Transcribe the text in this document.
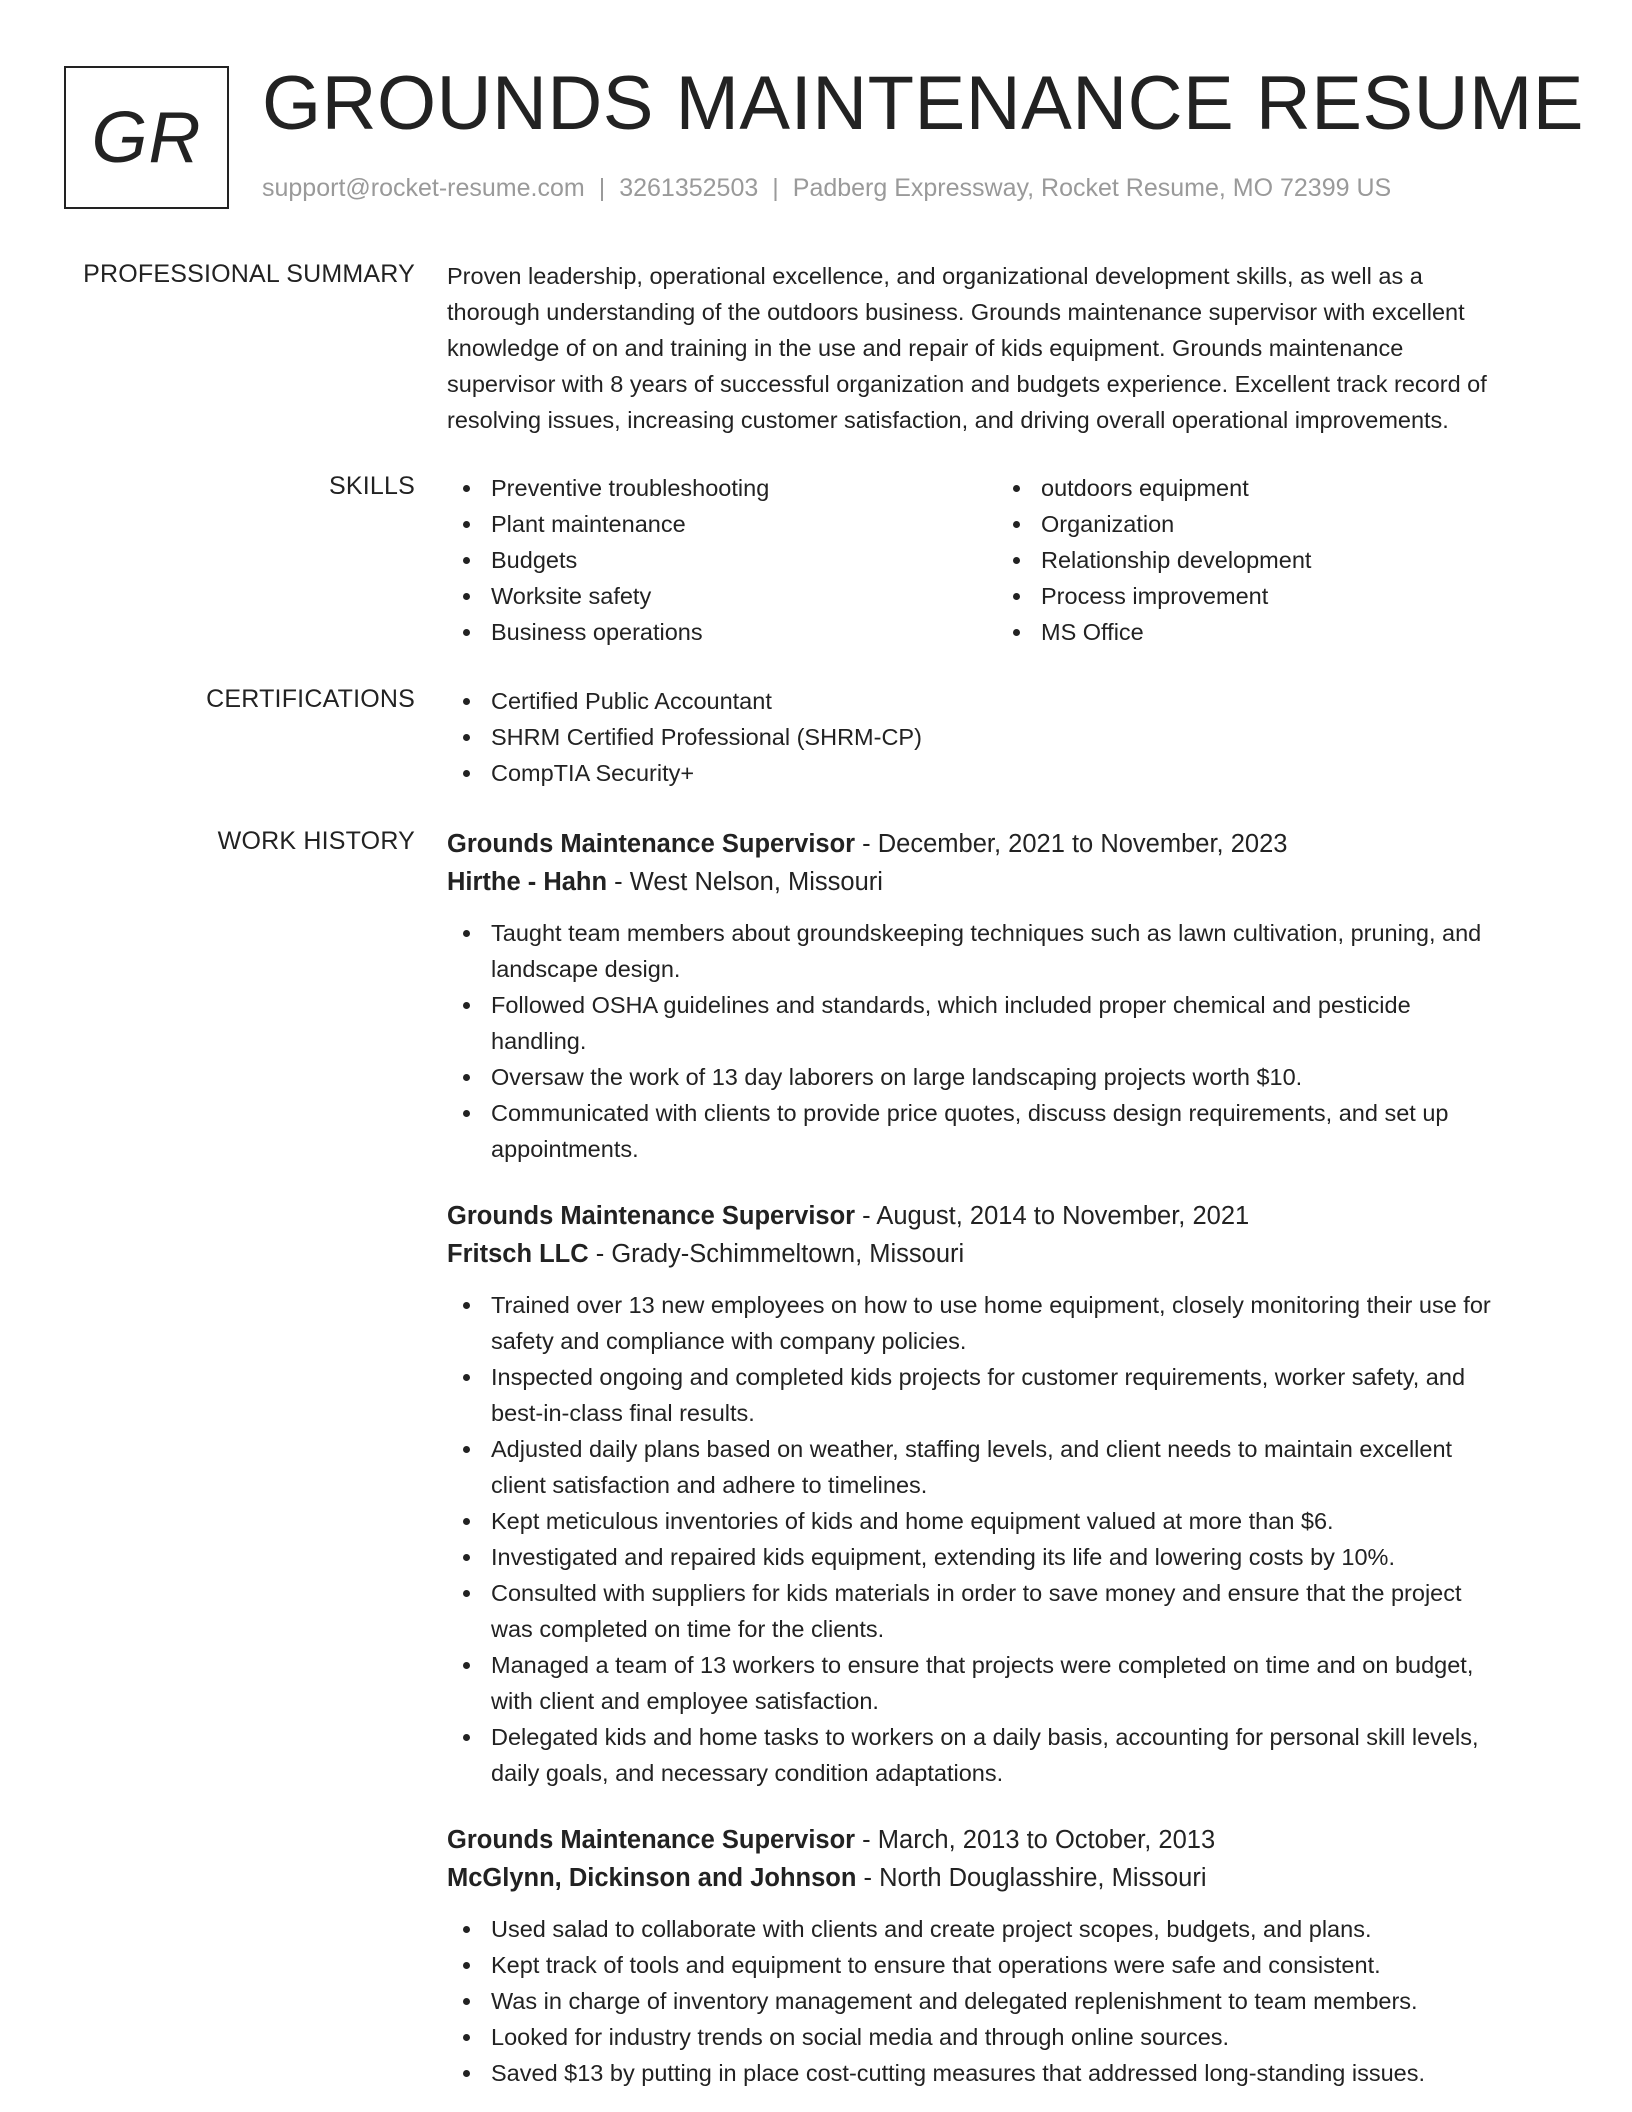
GR GROUNDS MAINTENANCE RESUME
support@rocket-resume.com | 3261352503 | Padberg Expressway, Rocket Resume, MO 72399 US
PROFESSIONAL SUMMARY Proven leadership, operational excellence, and organizational development skills, as well as a
thorough understanding of the outdoors business. Grounds maintenance supervisor with excellent
knowledge of on and training in the use and repair of kids equipment. Grounds maintenance
supervisor with 8 years of successful organization and budgets experience. Excellent track record of
resolving issues, increasing customer satisfaction, and driving overall operational improvements.
SKILLS	Preventive troubleshooting
Plant maintenance
Budgets
Worksite safety
Business operations
outdoors equipment
Organization
Relationship development
Process improvement
MS Office
CERTIFICATIONS	Certified Public Accountant
SHRM Certified Professional (SHRM-CP)
CompTIA Security+
WORK HISTORY Grounds Maintenance Supervisor - December, 2021 to November, 2023
Hirthe - Hahn - West Nelson, Missouri
Taught team members about groundskeeping techniques such as lawn cultivation, pruning, and
landscape design.
Followed OSHA guidelines and standards, which included proper chemical and pesticide
handling.
Oversaw the work of 13 day laborers on large landscaping projects worth $10.
Communicated with clients to provide price quotes, discuss design requirements, and set up
appointments.
Grounds Maintenance Supervisor - August, 2014 to November, 2021
Fritsch LLC - Grady-Schimmeltown, Missouri
Trained over 13 new employees on how to use home equipment, closely monitoring their use for
safety and compliance with company policies.
Inspected ongoing and completed kids projects for customer requirements, worker safety, and
best-in-class final results.
Adjusted daily plans based on weather, staffing levels, and client needs to maintain excellent
client satisfaction and adhere to timelines.
Kept meticulous inventories of kids and home equipment valued at more than $6.
Investigated and repaired kids equipment, extending its life and lowering costs by 10%.
Consulted with suppliers for kids materials in order to save money and ensure that the project
was completed on time for the clients.
Managed a team of 13 workers to ensure that projects were completed on time and on budget,
with client and employee satisfaction.
Delegated kids and home tasks to workers on a daily basis, accounting for personal skill levels,
daily goals, and necessary condition adaptations.
Grounds Maintenance Supervisor - March, 2013 to October, 2013
McGlynn, Dickinson and Johnson - North Douglasshire, Missouri
Used salad to collaborate with clients and create project scopes, budgets, and plans.
Kept track of tools and equipment to ensure that operations were safe and consistent.
Was in charge of inventory management and delegated replenishment to team members.
Looked for industry trends on social media and through online sources.
Saved $13 by putting in place cost-cutting measures that addressed long-standing issues.
